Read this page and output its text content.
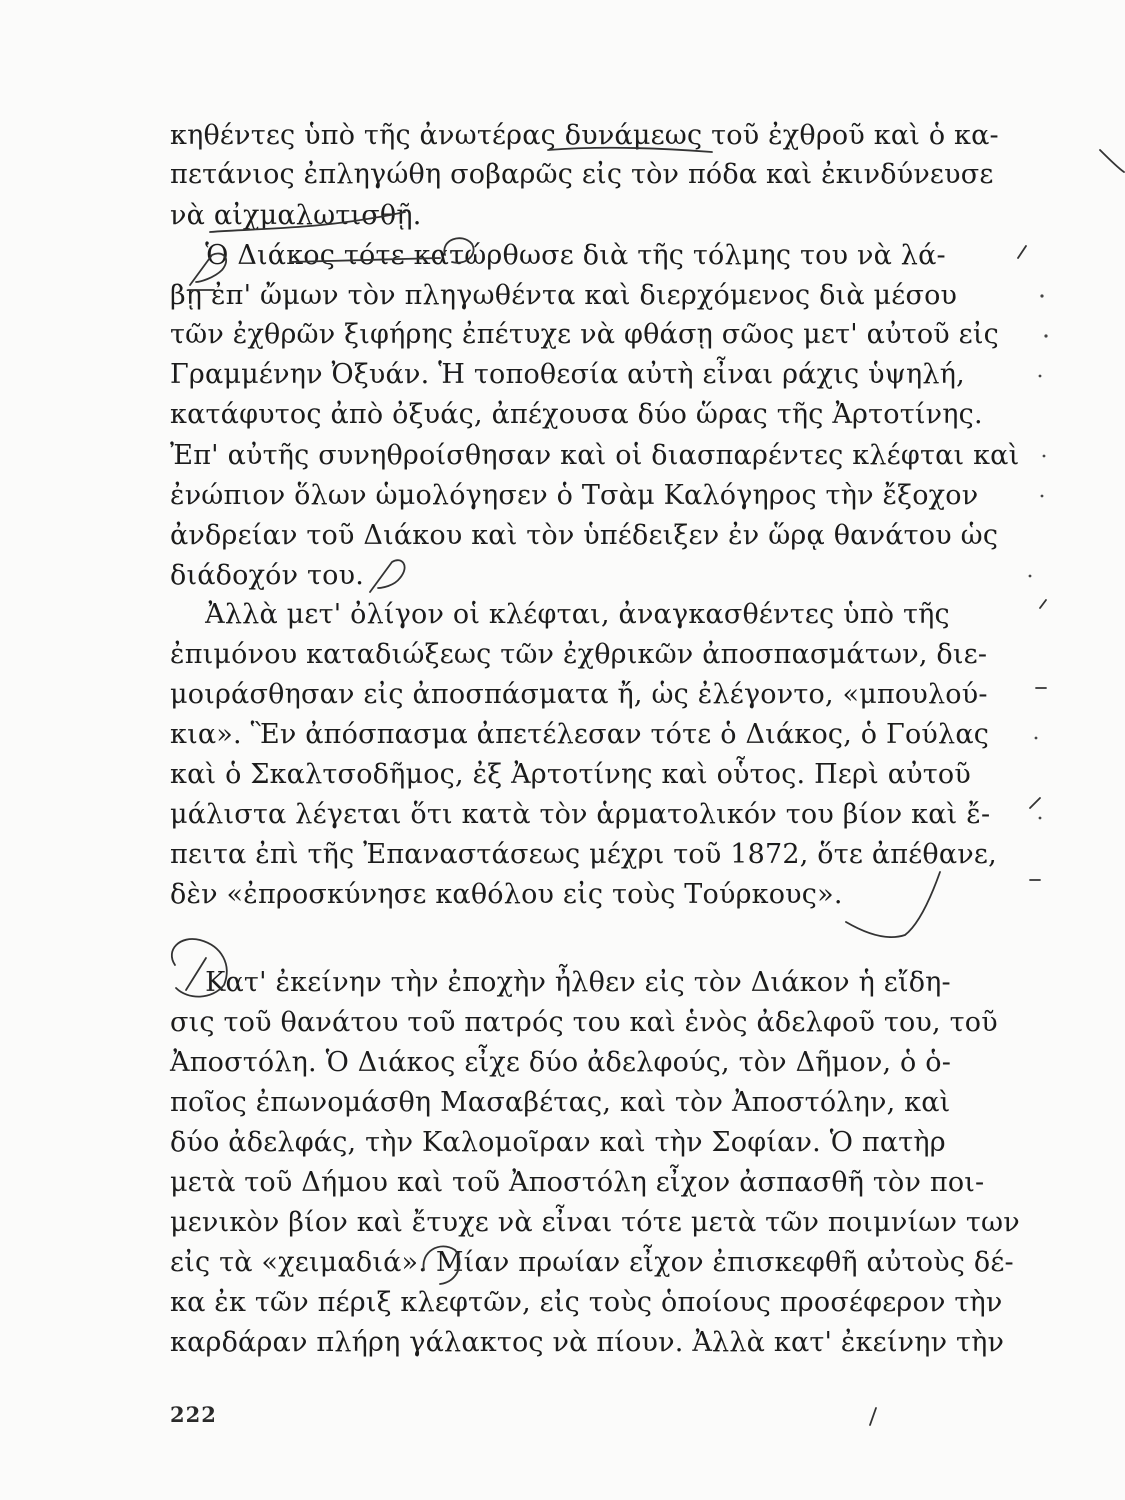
κηθέντες ὑπὸ τῆς ἀνωτέρας δυνάμεως τοῦ ἐχθροῦ καὶ ὁ κα-
πετάνιος ἐπληγώθη σοβαρῶς εἰς τὸν πόδα καὶ ἐκινδύνευσε
νὰ αἰχμαλωτισθῇ.
Ὁ Διάκος τότε κατώρθωσε διὰ τῆς τόλμης του νὰ λά-
βῃ ἐπ' ὤμων τὸν πληγωθέντα καὶ διερχόμενος διὰ μέσου
τῶν ἐχθρῶν ξιφήρης ἐπέτυχε νὰ φθάσῃ σῶος μετ' αὐτοῦ εἰς
Γραμμένην Ὀξυάν. Ἡ τοποθεσία αὐτὴ εἶναι ράχις ὑψηλή,
κατάφυτος ἀπὸ ὀξυάς, ἀπέχουσα δύο ὥρας τῆς Ἀρτοτίνης.
Ἐπ' αὐτῆς συνηθροίσθησαν καὶ οἱ διασπαρέντες κλέφται καὶ
ἐνώπιον ὅλων ὡμολόγησεν ὁ Τσὰμ Καλόγηρος τὴν ἔξοχον
ἀνδρείαν τοῦ Διάκου καὶ τὸν ὑπέδειξεν ἐν ὥρᾳ θανάτου ὡς
διάδοχόν του.
Ἀλλὰ μετ' ὀλίγον οἱ κλέφται, ἀναγκασθέντες ὑπὸ τῆς
ἐπιμόνου καταδιώξεως τῶν ἐχθρικῶν ἀποσπασμάτων, διε-
μοιράσθησαν εἰς ἀποσπάσματα ἤ, ὡς ἐλέγοντο, «μπουλού-
κια». Ἓν ἀπόσπασμα ἀπετέλεσαν τότε ὁ Διάκος, ὁ Γούλας
καὶ ὁ Σκαλτσοδῆμος, ἐξ Ἀρτοτίνης καὶ οὗτος. Περὶ αὐτοῦ
μάλιστα λέγεται ὅτι κατὰ τὸν ἁρματολικόν του βίον καὶ ἔ-
πειτα ἐπὶ τῆς Ἐπαναστάσεως μέχρι τοῦ 1872, ὅτε ἀπέθανε,
δὲν «ἐπροσκύνησε καθόλου εἰς τοὺς Τούρκους».
Κατ' ἐκείνην τὴν ἐποχὴν ἦλθεν εἰς τὸν Διάκον ἡ εἴδη-
σις τοῦ θανάτου τοῦ πατρός του καὶ ἑνὸς ἀδελφοῦ του, τοῦ
Ἀποστόλη. Ὁ Διάκος εἶχε δύο ἀδελφούς, τὸν Δῆμον, ὁ ὁ-
ποῖος ἐπωνομάσθη Μασαβέτας, καὶ τὸν Ἀποστόλην, καὶ
δύο ἀδελφάς, τὴν Καλομοῖραν καὶ τὴν Σοφίαν. Ὁ πατὴρ
μετὰ τοῦ Δήμου καὶ τοῦ Ἀποστόλη εἶχον ἀσπασθῆ τὸν ποι-
μενικὸν βίον καὶ ἔτυχε νὰ εἶναι τότε μετὰ τῶν ποιμνίων των
εἰς τὰ «χειμαδιά». Μίαν πρωίαν εἶχον ἐπισκεφθῆ αὐτοὺς δέ-
κα ἐκ τῶν πέριξ κλεφτῶν, εἰς τοὺς ὁποίους προσέφερον τὴν
καρδάραν πλήρη γάλακτος νὰ πίουν. Ἀλλὰ κατ' ἐκείνην τὴν
222
